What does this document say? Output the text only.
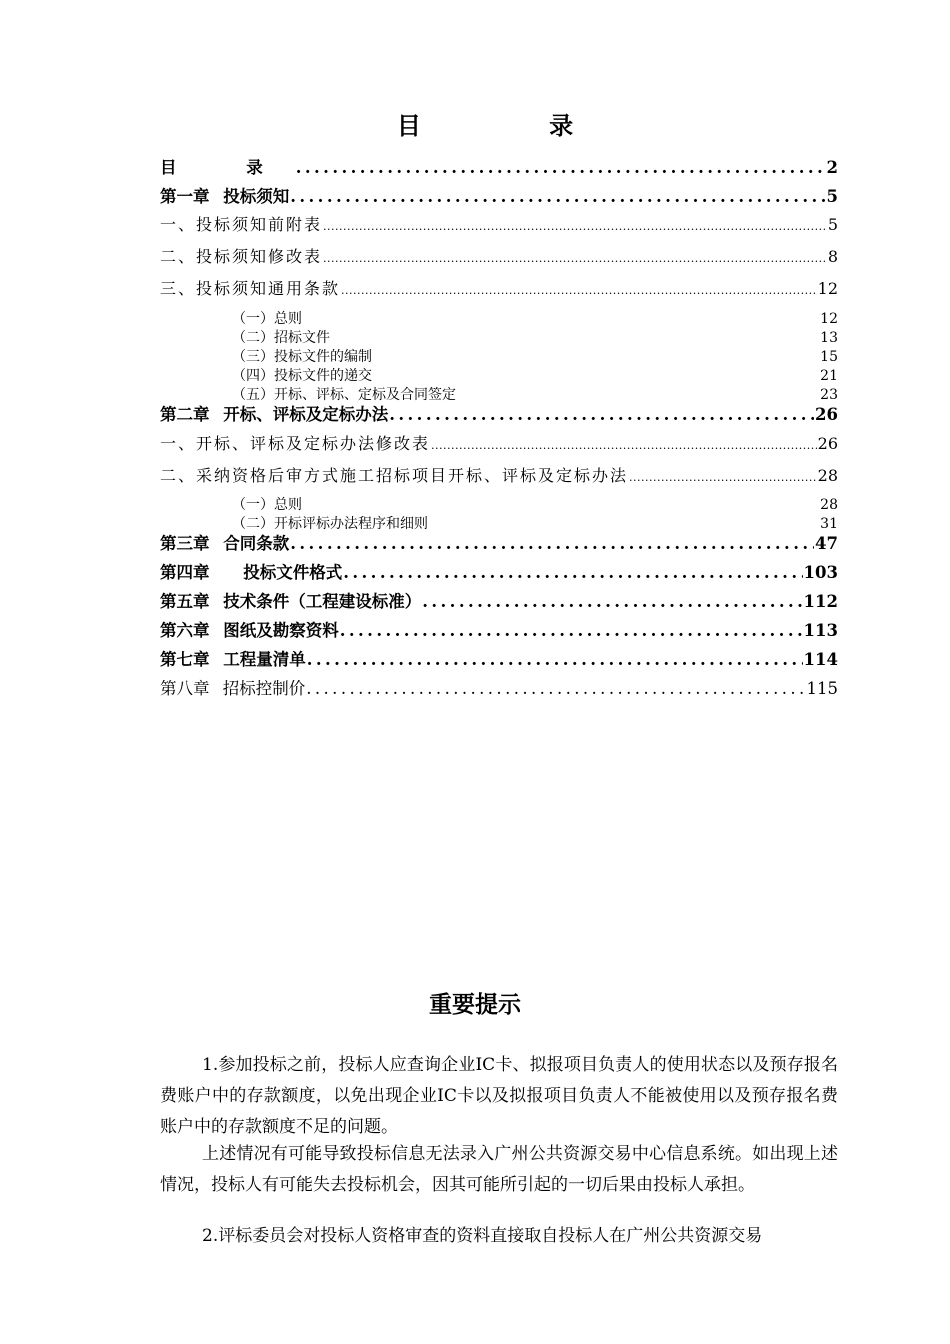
目 录
目 录 .....	2
第一章 投标须知 .....	5
一、投标须知前附表 .....	5
二、投标须知修改表 .....	8
三、投标须知通用条款 .....	12
（一）总则	12
（二）招标文件	13
（三）投标文件的编制	15
（四）投标文件的递交	21
（五）开标、评标、定标及合同签定	23
第二章 开标、评标及定标办法 .....	26
一、开标、评标及定标办法修改表 .....	26
二、采纳资格后审方式施工招标项目开标、评标及定标办法 .....	28
（一）总则	28
（二）开标评标办法程序和细则	31
第三章 合同条款 .....	47
第四章 投标文件格式 .....	103
第五章 技术条件（工程建设标准） .....	112
第六章 图纸及勘察资料 .....	113
第七章 工程量清单 .....	114
第八章 招标控制价 .....	115
重要提示

1.参加投标之前，投标人应查询企业IC卡、拟报项目负责人的使用状态以及预存报名费账户中的存款额度，以免出现企业IC卡以及拟报项目负责人不能被使用以及预存报名费账户中的存款额度不足的问题。

上述情况有可能导致投标信息无法录入广州公共资源交易中心信息系统。如出现上述情况，投标人有可能失去投标机会，因其可能所引起的一切后果由投标人承担。

2.评标委员会对投标人资格审查的资料直接取自投标人在广州公共资源交易
